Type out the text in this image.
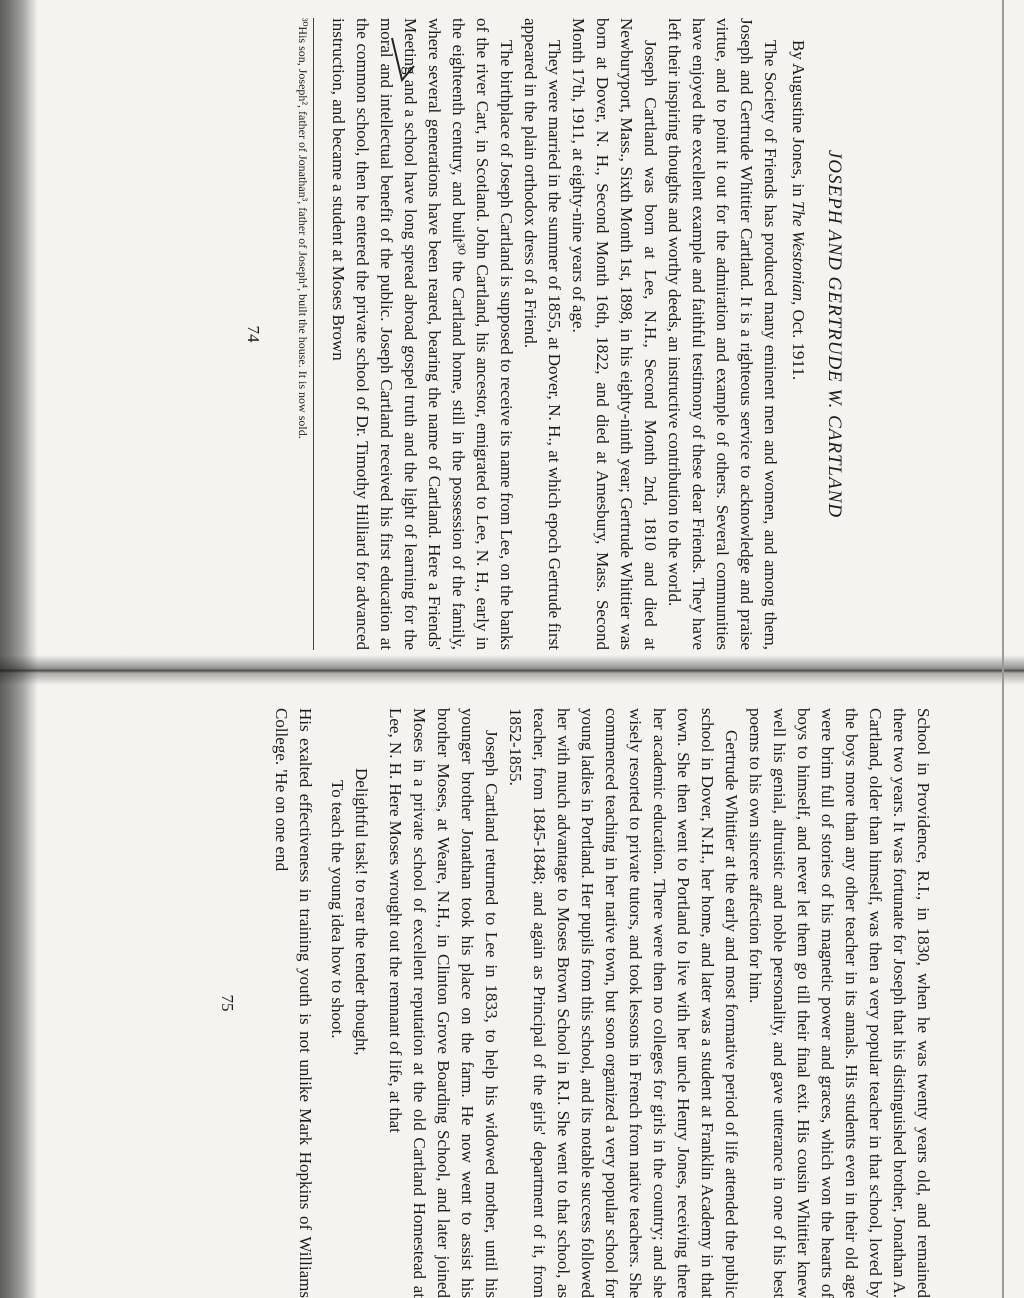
JOSEPH AND GERTRUDE W. CARTLAND
By Augustine Jones, in The Westonian, Oct. 1911.

The Society of Friends has produced many eminent men and women, and among them, Joseph and Gertrude Whittier Cartland. It is a righteous service to acknowledge and praise virtue, and to point it out for the admiration and example of others. Several communities have enjoyed the excellent example and faithful testimony of these dear Friends. They have left their inspiring thoughts and worthy deeds, an instructive contribution to the world.

Joseph Cartland was born at Lee, N.H., Second Month 2nd, 1810 and died at Newburyport, Mass., Sixth Month 1st, 1898, in his eighty-ninth year; Gertrude Whittier was born at Dover, N. H., Second Month 16th, 1822, and died at Amesbury, Mass. Second Month 17th, 1911, at eighty-nine years of age.

They were married in the summer of 1855, at Dover, N. H., at which epoch Gertrude first appeared in the plain orthodox dress of a Friend.

The birthplace of Joseph Cartland is supposed to receive its name from Lee, on the banks of the river Cart, in Scotland. John Cartland, his ancestor, emigrated to Lee, N. H., early in the eighteenth century, and built³⁰ the Cartland home, still in the possession of the family, where several generations have been reared, bearing the name of Cartland. Here a Friends' Meeting and a school have long spread abroad gospel truth and the light of learning for the moral and intellectual benefit of the public. Joseph Cartland received his first education at the common school, then he entered the private school of Dr. Timothy Hilliard for advanced instruction, and became a student at Moses Brown

³⁰His son, Joseph², father of Jonathan³, father of Joseph⁴, built the house. It is now sold.

74

School in Providence, R.I., in 1830, when he was twenty years old, and remained there two years. It was fortunate for Joseph that his distinguished brother, Jonathan A. Cartland, older than himself, was then a very popular teacher in that school, loved by the boys more than any other teacher in its annals. His students even in their old age were brim full of stories of his magnetic power and graces, which won the hearts of boys to himself, and never let them go till their final exit. His cousin Whittier knew well his genial, altruistic and noble personality, and gave utterance in one of his best poems to his own sincere affection for him.

Gertrude Whittier at the early and most formative period of life attended the public school in Dover, N.H., her home, and later was a student at Franklin Academy in that town. She then went to Portland to live with her uncle Henry Jones, receiving there her academic education. There were then no colleges for girls in the country; and she wisely resorted to private tutors, and took lessons in French from native teachers. She commenced teaching in her native town, but soon organized a very popular school for young ladies in Portland. Her pupils from this school, and its notable success followed her with much advantage to Moses Brown School in R.I. She went to that school, as teacher, from 1845-1848; and again as Principal of the girls' department of it, from 1852-1855.

Joseph Cartland returned to Lee in 1833, to help his widowed mother, until his younger brother Jonathan took his place on the farm. He now went to assist his brother Moses, at Weare, N.H., in Clinton Grove Boarding School, and later joined Moses in a private school of excellent reputation at the old Cartland Homestead at Lee, N. H. Here Moses wrought out the remnant of life, at that

Delightful task! to rear the tender thought,
To teach the young idea how to shoot.

His exalted effectiveness in training youth is not unlike Mark Hopkins of Williams College. 'He on one end

75
